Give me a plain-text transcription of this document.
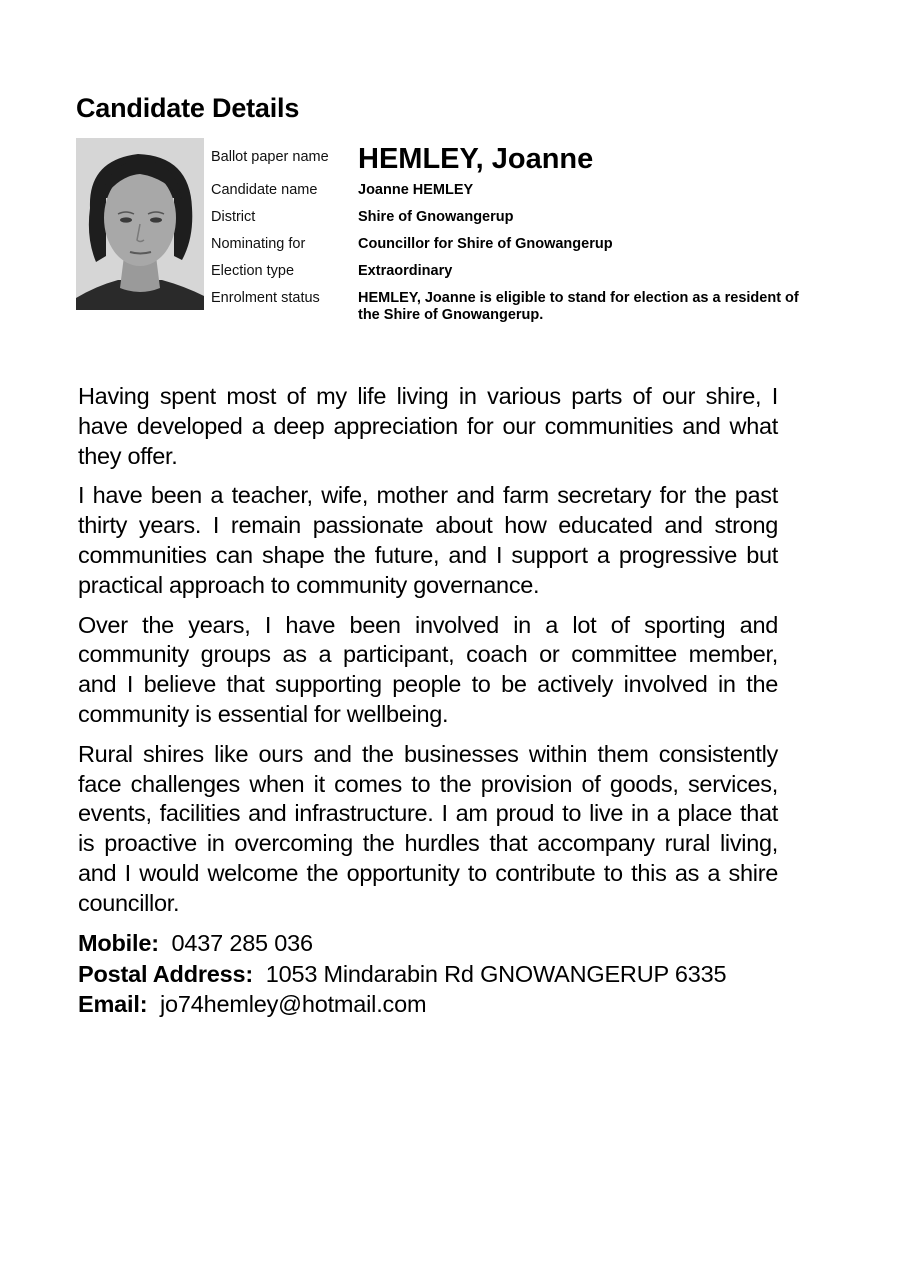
Candidate Details
Ballot paper name	HEMLEY, Joanne
Candidate name	Joanne HEMLEY
District	Shire of Gnowangerup
Nominating for	Councillor for Shire of Gnowangerup
Election type	Extraordinary
Enrolment status	HEMLEY, Joanne is eligible to stand for election as a resident of the Shire of Gnowangerup.

Having spent most of my life living in various parts of our shire, I have developed a deep appreciation for our communities and what they offer.

I have been a teacher, wife, mother and farm secretary for the past thirty years. I remain passionate about how educated and strong communities can shape the future, and I support a progressive but practical approach to community governance.

Over the years, I have been involved in a lot of sporting and community groups as a participant, coach or committee member, and I believe that supporting people to be actively involved in the community is essential for wellbeing.

Rural shires like ours and the businesses within them consistently face challenges when it comes to the provision of goods, services, events, facilities and infrastructure. I am proud to live in a place that is proactive in overcoming the hurdles that accompany rural living, and I would welcome the opportunity to contribute to this as a shire councillor.

Mobile: 0437 285 036

Postal Address: 1053 Mindarabin Rd GNOWANGERUP 6335

Email: jo74hemley@hotmail.com
